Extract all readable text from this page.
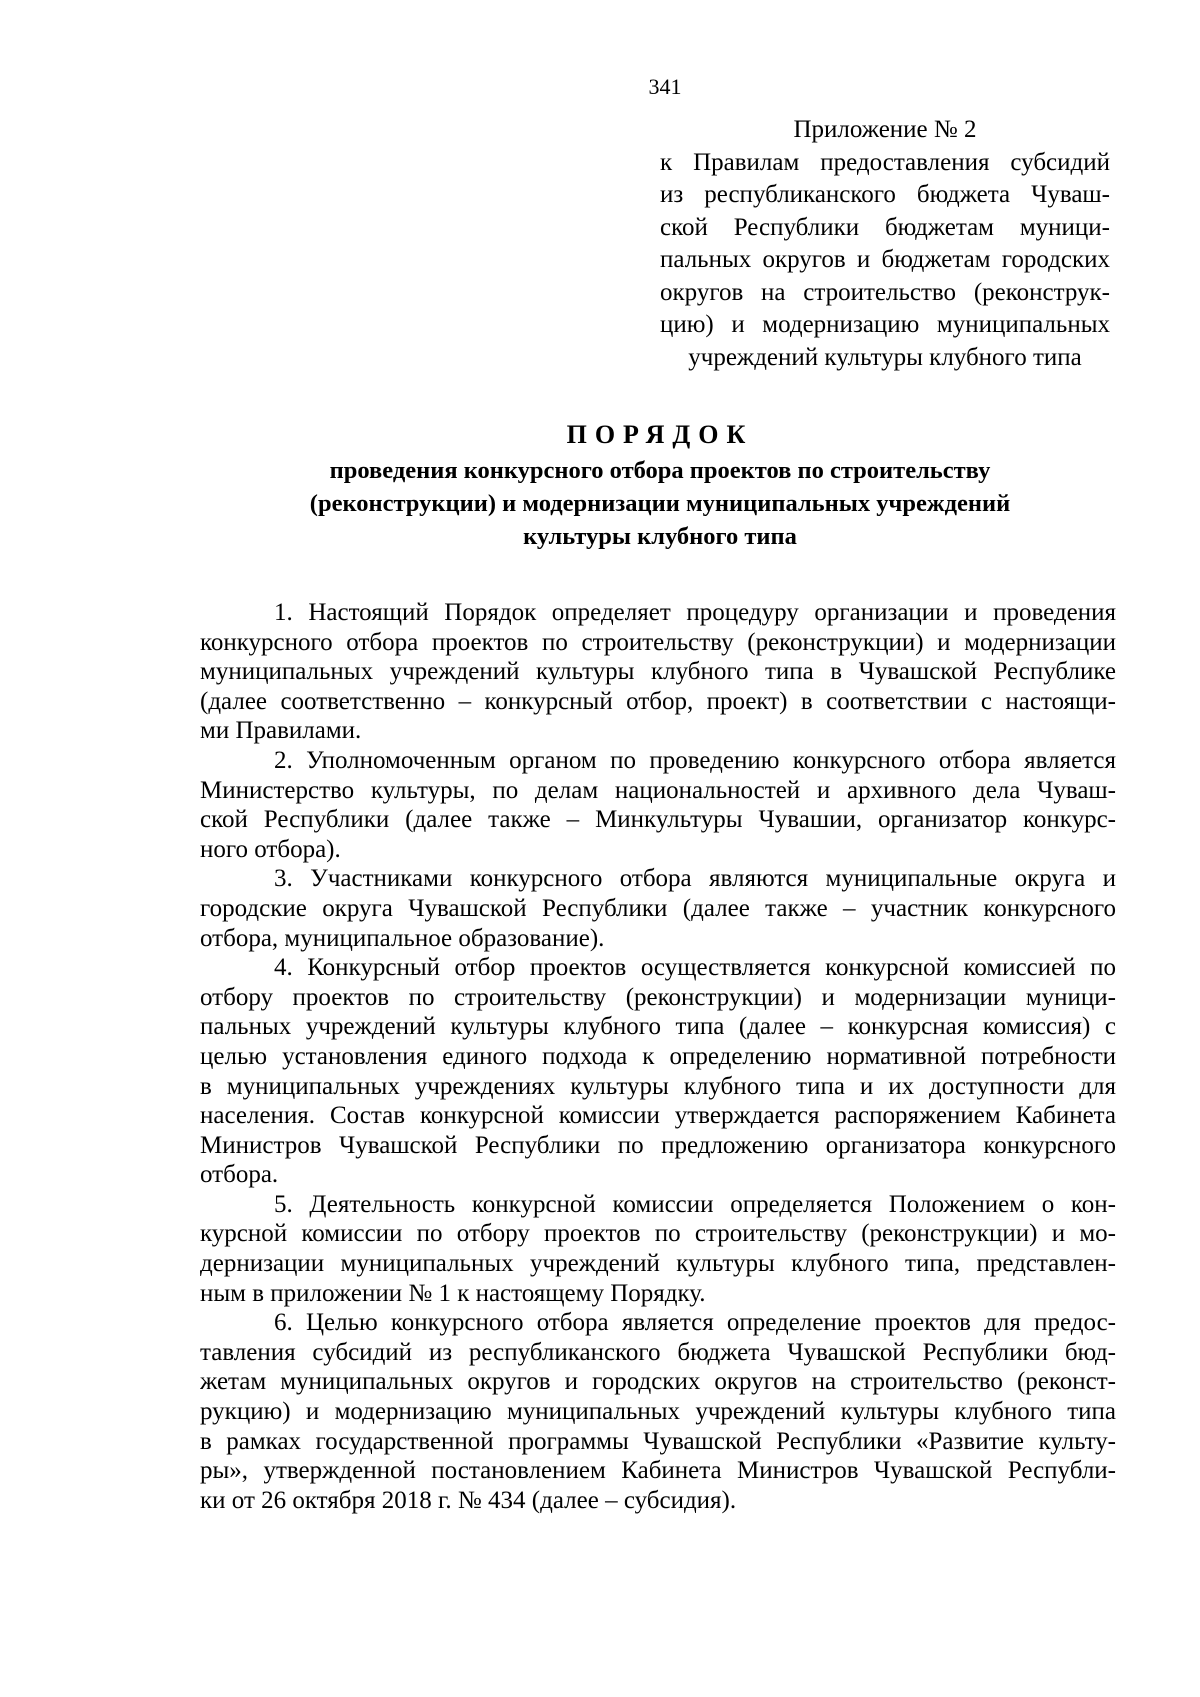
341
Приложение № 2
к Правилам предоставления субсидий
из республиканского бюджета Чуваш-
ской Республики бюджетам муници-
пальных округов и бюджетам городских
округов на строительство (реконструк-
цию) и модернизацию муниципальных
учреждений культуры клубного типа
ПОРЯДОК
проведения конкурсного отбора проектов по строительству
(реконструкции) и модернизации муниципальных учреждений
культуры клубного типа
1. Настоящий Порядок определяет процедуру организации и проведения
конкурсного отбора проектов по строительству (реконструкции) и модернизации
муниципальных учреждений культуры клубного типа в Чувашской Республике
(далее соответственно – конкурсный отбор, проект) в соответствии с настоящи-
ми Правилами.
2. Уполномоченным органом по проведению конкурсного отбора является
Министерство культуры, по делам национальностей и архивного дела Чуваш-
ской Республики (далее также – Минкультуры Чувашии, организатор конкурс-
ного отбора).
3. Участниками конкурсного отбора являются муниципальные округа и
городские округа Чувашской Республики (далее также – участник конкурсного
отбора, муниципальное образование).
4. Конкурсный отбор проектов осуществляется конкурсной комиссией по
отбору проектов по строительству (реконструкции) и модернизации муници-
пальных учреждений культуры клубного типа (далее – конкурсная комиссия) с
целью установления единого подхода к определению нормативной потребности
в муниципальных учреждениях культуры клубного типа и их доступности для
населения. Состав конкурсной комиссии утверждается распоряжением Кабинета
Министров Чувашской Республики по предложению организатора конкурсного
отбора.
5. Деятельность конкурсной комиссии определяется Положением о кон-
курсной комиссии по отбору проектов по строительству (реконструкции) и мо-
дернизации муниципальных учреждений культуры клубного типа, представлен-
ным в приложении № 1 к настоящему Порядку.
6. Целью конкурсного отбора является определение проектов для предос-
тавления субсидий из республиканского бюджета Чувашской Республики бюд-
жетам муниципальных округов и городских округов на строительство (реконст-
рукцию) и модернизацию муниципальных учреждений культуры клубного типа
в рамках государственной программы Чувашской Республики «Развитие культу-
ры», утвержденной постановлением Кабинета Министров Чувашской Республи-
ки от 26 октября 2018 г. № 434 (далее – субсидия).
